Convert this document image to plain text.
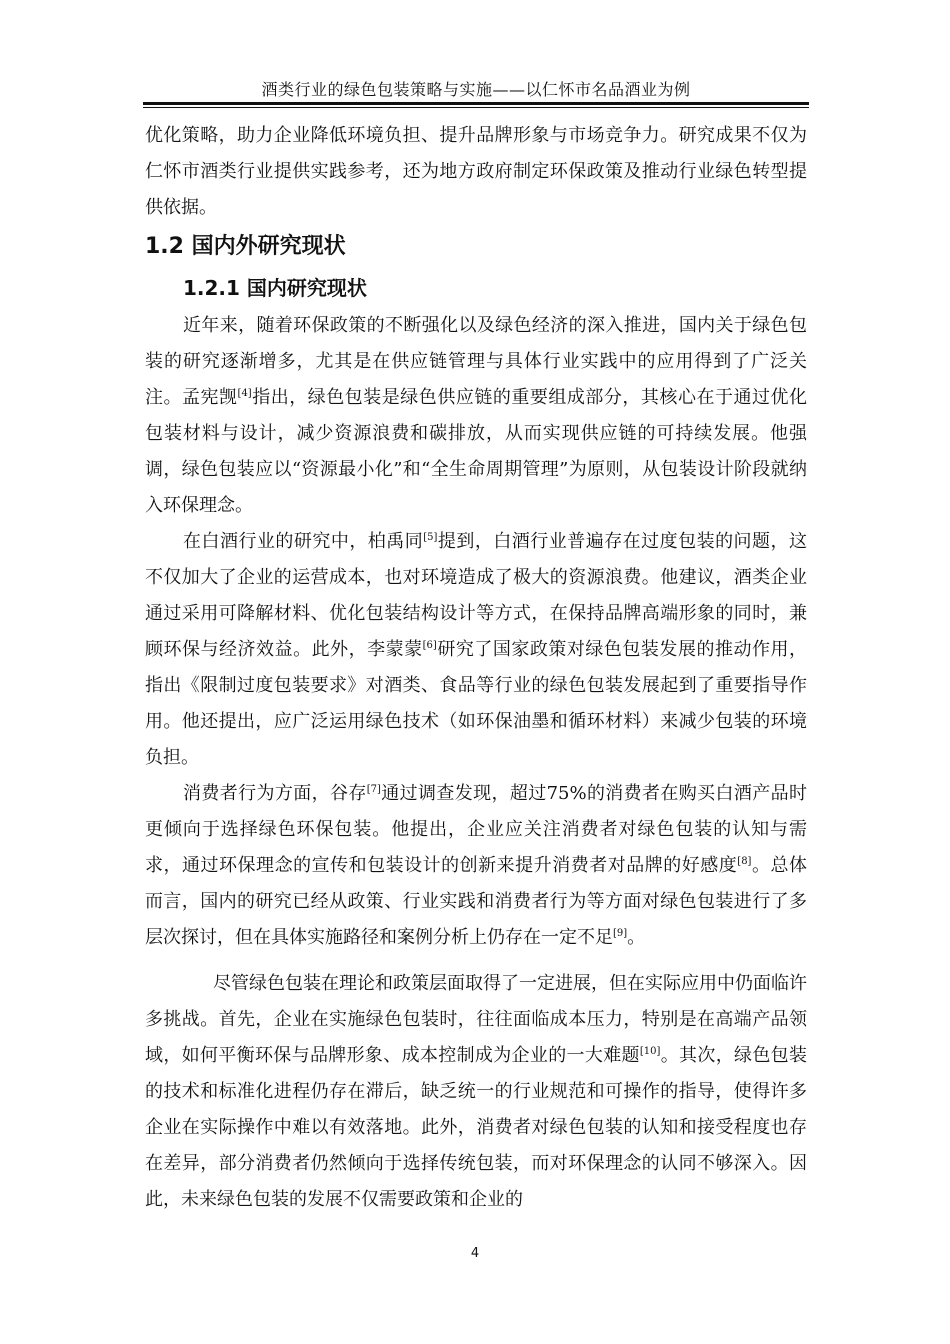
酒类行业的绿色包装策略与实施——以仁怀市名品酒业为例

优化策略，助力企业降低环境负担、提升品牌形象与市场竞争力。研究成果不仅为仁怀市酒类行业提供实践参考，还为地方政府制定环保政策及推动行业绿色转型提供依据。

1.2 国内外研究现状
1.2.1 国内研究现状

近年来，随着环保政策的不断强化以及绿色经济的深入推进，国内关于绿色包装的研究逐渐增多，尤其是在供应链管理与具体行业实践中的应用得到了广泛关注。孟宪觊[4]指出，绿色包装是绿色供应链的重要组成部分，其核心在于通过优化包装材料与设计，减少资源浪费和碳排放，从而实现供应链的可持续发展。他强调，绿色包装应以“资源最小化”和“全生命周期管理”为原则，从包装设计阶段就纳入环保理念。

在白酒行业的研究中，柏禹同[5]提到，白酒行业普遍存在过度包装的问题，这不仅加大了企业的运营成本，也对环境造成了极大的资源浪费。他建议，酒类企业通过采用可降解材料、优化包装结构设计等方式，在保持品牌高端形象的同时，兼顾环保与经济效益。此外，李蒙蒙[6]研究了国家政策对绿色包装发展的推动作用，指出《限制过度包装要求》对酒类、食品等行业的绿色包装发展起到了重要指导作用。他还提出，应广泛运用绿色技术（如环保油墨和循环材料）来减少包装的环境负担。

消费者行为方面，谷存[7]通过调查发现，超过75%的消费者在购买白酒产品时更倾向于选择绿色环保包装。他提出，企业应关注消费者对绿色包装的认知与需求，通过环保理念的宣传和包装设计的创新来提升消费者对品牌的好感度[8]。总体而言，国内的研究已经从政策、行业实践和消费者行为等方面对绿色包装进行了多层次探讨，但在具体实施路径和案例分析上仍存在一定不足[9]。

尽管绿色包装在理论和政策层面取得了一定进展，但在实际应用中仍面临许多挑战。首先，企业在实施绿色包装时，往往面临成本压力，特别是在高端产品领域，如何平衡环保与品牌形象、成本控制成为企业的一大难题[10]。其次，绿色包装的技术和标准化进程仍存在滞后，缺乏统一的行业规范和可操作的指导，使得许多企业在实际操作中难以有效落地。此外，消费者对绿色包装的认知和接受程度也存在差异，部分消费者仍然倾向于选择传统包装，而对环保理念的认同不够深入。因此，未来绿色包装的发展不仅需要政策和企业的

4
